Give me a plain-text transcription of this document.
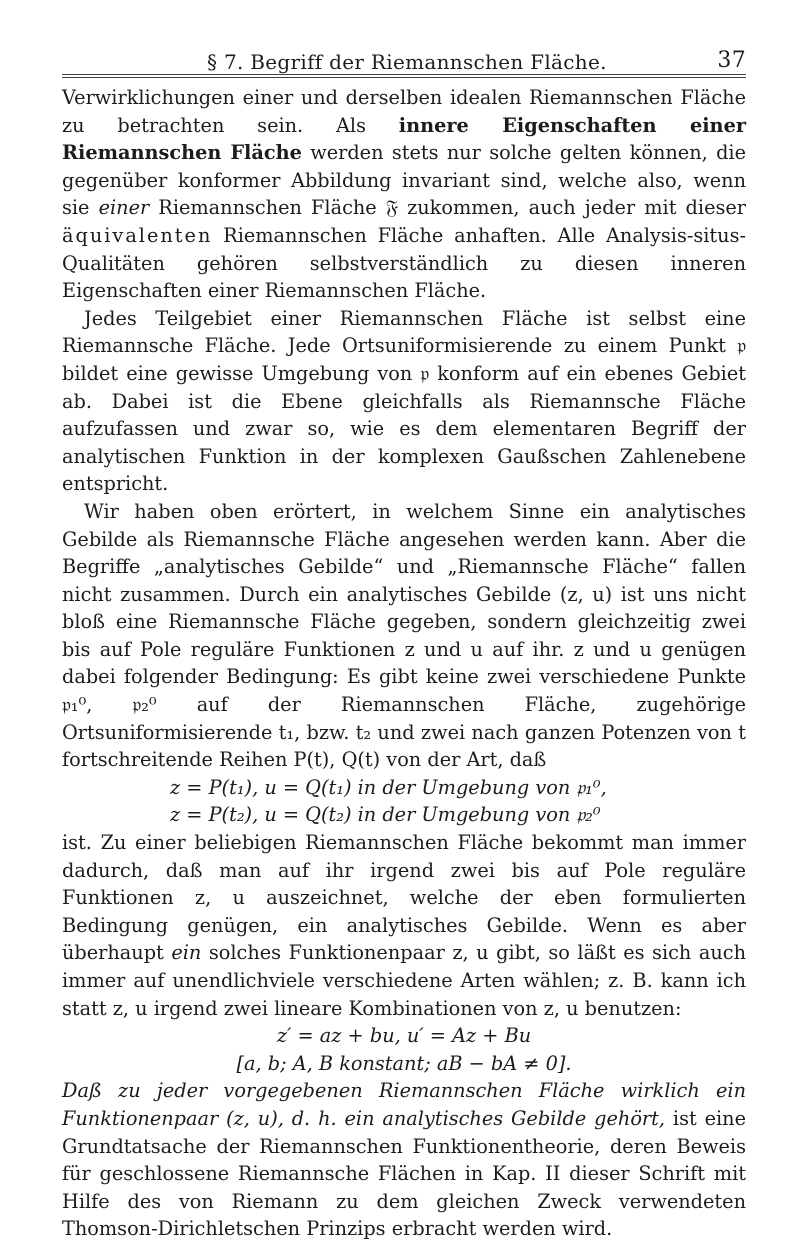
§ 7. Begriff der Riemannschen Fläche.	37

Verwirklichungen einer und derselben idealen Riemannschen Fläche zu betrachten sein. Als innere Eigenschaften einer Riemannschen Fläche werden stets nur solche gelten können, die gegenüber konformer Abbildung invariant sind, welche also, wenn sie einer Riemannschen Fläche 𝔉 zukommen, auch jeder mit dieser äquivalenten Riemannschen Fläche anhaften. Alle Analysis-situs-Qualitäten gehören selbstverständlich zu diesen inneren Eigenschaften einer Riemannschen Fläche.

Jedes Teilgebiet einer Riemannschen Fläche ist selbst eine Riemannsche Fläche. Jede Ortsuniformisierende zu einem Punkt 𝔭 bildet eine gewisse Umgebung von 𝔭 konform auf ein ebenes Gebiet ab. Dabei ist die Ebene gleichfalls als Riemannsche Fläche aufzufassen und zwar so, wie es dem elementaren Begriff der analytischen Funktion in der komplexen Gaußschen Zahlenebene entspricht.

Wir haben oben erörtert, in welchem Sinne ein analytisches Gebilde als Riemannsche Fläche angesehen werden kann. Aber die Begriffe „analytisches Gebilde“ und „Riemannsche Fläche“ fallen nicht zusammen. Durch ein analytisches Gebilde (z, u) ist uns nicht bloß eine Riemannsche Fläche gegeben, sondern gleichzeitig zwei bis auf Pole reguläre Funktionen z und u auf ihr. z und u genügen dabei folgender Bedingung: Es gibt keine zwei verschiedene Punkte 𝔭₁⁰, 𝔭₂⁰ auf der Riemannschen Fläche, zugehörige Ortsuniformisierende t₁, bzw. t₂ und zwei nach ganzen Potenzen von t fortschreitende Reihen P(t), Q(t) von der Art, daß

z = P(t₁), u = Q(t₁) in der Umgebung von 𝔭₁⁰,

z = P(t₂), u = Q(t₂) in der Umgebung von 𝔭₂⁰

ist. Zu einer beliebigen Riemannschen Fläche bekommt man immer dadurch, daß man auf ihr irgend zwei bis auf Pole reguläre Funktionen z, u auszeichnet, welche der eben formulierten Bedingung genügen, ein analytisches Gebilde. Wenn es aber überhaupt ein solches Funktionenpaar z, u gibt, so läßt es sich auch immer auf unendlichviele verschiedene Arten wählen; z. B. kann ich statt z, u irgend zwei lineare Kombinationen von z, u benutzen:

z′ = az + bu, u′ = Az + Bu

[a, b; A, B konstant; aB − bA ≠ 0].

Daß zu jeder vorgegebenen Riemannschen Fläche wirklich ein Funktionenpaar (z, u), d. h. ein analytisches Gebilde gehört, ist eine Grundtatsache der Riemannschen Funktionentheorie, deren Beweis für geschlossene Riemannsche Flächen in Kap. II dieser Schrift mit Hilfe des von Riemann zu dem gleichen Zweck verwendeten Thomson-Dirichletschen Prinzips erbracht werden wird.
